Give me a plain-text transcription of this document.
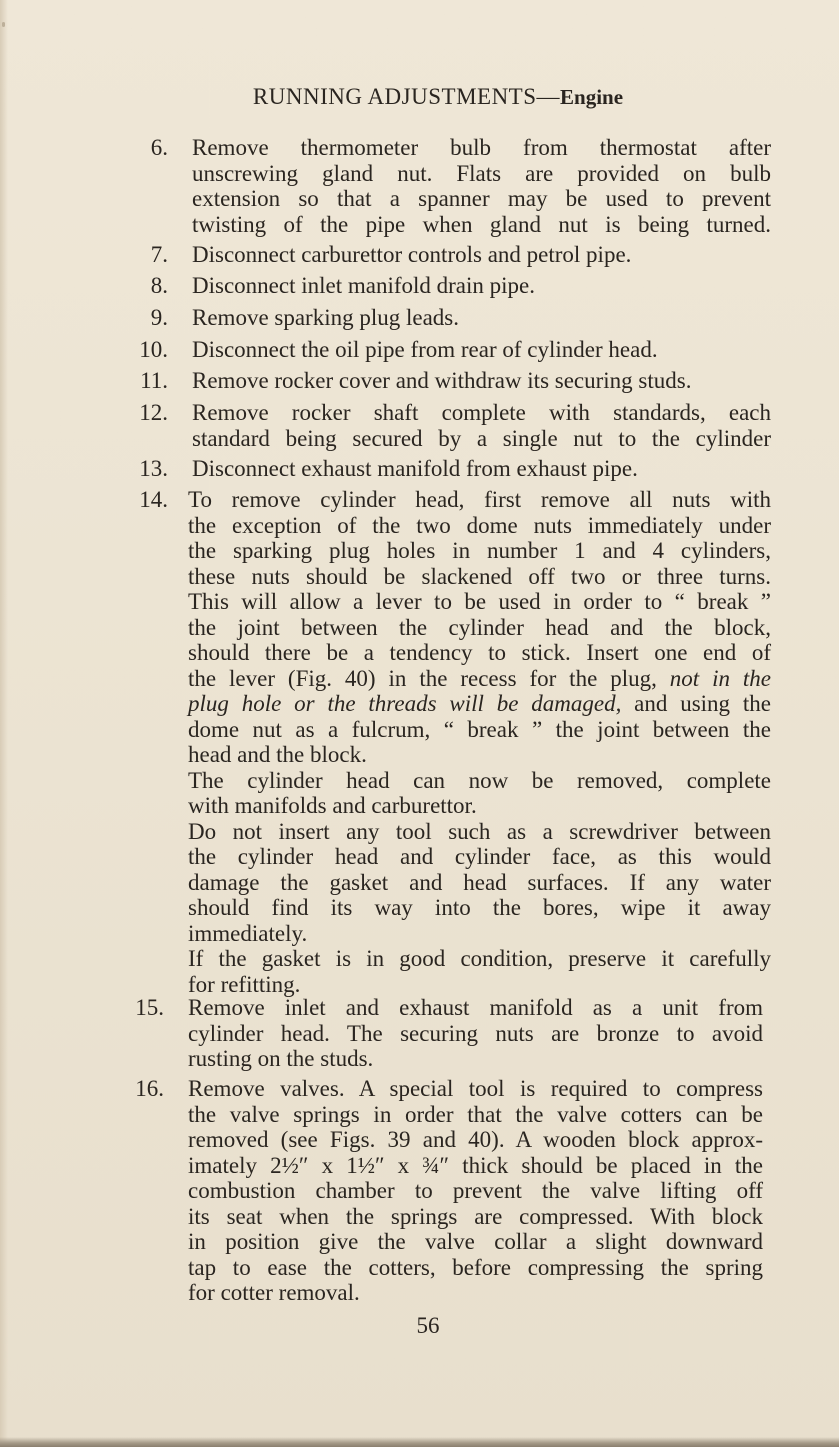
RUNNING ADJUSTMENTS—Engine
6. Remove thermometer bulb from thermostat after
unscrewing gland nut. Flats are provided on bulb
extension so that a spanner may be used to prevent
twisting of the pipe when gland nut is being turned.
7. Disconnect carburettor controls and petrol pipe.
8. Disconnect inlet manifold drain pipe.
9. Remove sparking plug leads.
10. Disconnect the oil pipe from rear of cylinder head.
11. Remove rocker cover and withdraw its securing studs.
12. Remove rocker shaft complete with standards, each
standard being secured by a single nut to the cylinder
13. Disconnect exhaust manifold from exhaust pipe.
14. To remove cylinder head, first remove all nuts with
the exception of the two dome nuts immediately under
the sparking plug holes in number 1 and 4 cylinders,
these nuts should be slackened off two or three turns.
This will allow a lever to be used in order to “ break ”
the joint between the cylinder head and the block,
should there be a tendency to stick. Insert one end of
the lever (Fig. 40) in the recess for the plug, not in the
plug hole or the threads will be damaged, and using the
dome nut as a fulcrum, “ break ” the joint between the
head and the block.
The cylinder head can now be removed, complete
with manifolds and carburettor.
Do not insert any tool such as a screwdriver between
the cylinder head and cylinder face, as this would
damage the gasket and head surfaces. If any water
should find its way into the bores, wipe it away
immediately.
If the gasket is in good condition, preserve it carefully
for refitting.
15. Remove inlet and exhaust manifold as a unit from
cylinder head. The securing nuts are bronze to avoid
rusting on the studs.
16. Remove valves. A special tool is required to compress
the valve springs in order that the valve cotters can be
removed (see Figs. 39 and 40). A wooden block approx-
imately 2½″ x 1½″ x ¾″ thick should be placed in the
combustion chamber to prevent the valve lifting off
its seat when the springs are compressed. With block
in position give the valve collar a slight downward
tap to ease the cotters, before compressing the spring
for cotter removal.
56
